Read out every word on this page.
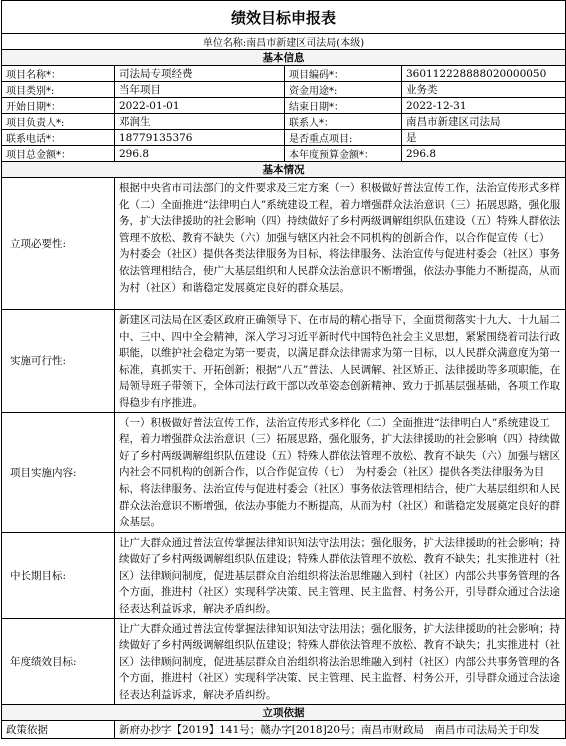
绩效目标申报表			
单位名称:南昌市新建区司法局(本级)			
基本信息			
项目名称*：	司法局专项经费	项目编码*：	360112228888020000050
项目类别*:	当年项目	资金用途*:	业务类
开始日期*：	2022-01-01	结束日期*：	2022-12-31
项目负责人*:	邓润生	联系人*：	南昌市新建区司法局
联系电话*：	18779135376	是否重点项目:	是
项目总金额*：	296.8	本年度预算金额*：	296.8
基本情况			
立项必要性:	根据中央省市司法部门的文件要求及三定方案（一）积极做好普法宣传工作，法治宣传形式多样化（二）全面推进“法律明白人”系统建设工程，着力增强群众法治意识（三）拓展思路，强化服务，扩大法律援助的社会影响（四）持续做好了乡村两级调解组织队伍建设（五）特殊人群依法管理不放松、教育不缺失（六）加强与辖区内社会不同机构的创新合作，以合作促宣传（七）　为村委会（社区）提供各类法律服务为目标，将法律服务、法治宣传与促进村委会（社区）事务依法管理相结合，使广大基层组织和人民群众法治意识不断增强，依法办事能力不断提高，从而为村（社区）和谐稳定发展奠定良好的群众基层。		
实施可行性:	新建区司法局在区委区政府正确领导下、在市局的精心指导下，全面贯彻落实十九大、十九届二中、三中、四中全会精神，深入学习习近平新时代中国特色社会主义思想，紧紧围绕着司法行政职能，以维护社会稳定为第一要责，以满足群众法律需求为第一目标，以人民群众满意度为第一标准，真抓实干、开拓创新；根据“八五”普法、人民调解、社区矫正、法律援助等多项职能，在局领导班子带领下，全体司法行政干部以改革姿态创新精神、致力于抓基层强基础，各项工作取得稳步有序推进。		
项目实施内容:	（一）积极做好普法宣传工作，法治宣传形式多样化（二）全面推进“法律明白人”系统建设工程，着力增强群众法治意识（三）拓展思路，强化服务，扩大法律援助的社会影响（四）持续做好了乡村两级调解组织队伍建设（五）特殊人群依法管理不放松、教育不缺失（六）加强与辖区内社会不同机构的创新合作，以合作促宣传（七）　为村委会（社区）提供各类法律服务为目标，将法律服务、法治宣传与促进村委会（社区）事务依法管理相结合，使广大基层组织和人民群众法治意识不断增强，依法办事能力不断提高，从而为村（社区）和谐稳定发展奠定良好的群众基层。		
中长期目标:	让广大群众通过普法宣传掌握法律知识知法守法用法；强化服务，扩大法律援助的社会影响；持续做好了乡村两级调解组织队伍建设；特殊人群依法管理不放松、教育不缺失；扎实推进村（社区）法律顾问制度，促进基层群众自治组织将法治思维融入到村（社区）内部公共事务管理的各个方面，推进村（社区）实现科学决策、民主管理、民主监督、村务公开，引导群众通过合法途径表达利益诉求，解决矛盾纠纷。		
年度绩效目标:	让广大群众通过普法宣传掌握法律知识知法守法用法；强化服务，扩大法律援助的社会影响；持续做好了乡村两级调解组织队伍建设；特殊人群依法管理不放松、教育不缺失；扎实推进村（社区）法律顾问制度，促进基层群众自治组织将法治思维融入到村（社区）内部公共事务管理的各个方面，推进村（社区）实现科学决策、民主管理、民主监督、村务公开，引导群众通过合法途径表达利益诉求，解决矛盾纠纷。		
立项依据			
政策依据	新府办抄字【2019】141号；赣办字[2018]20号；南昌市财政局　南昌市司法局关于印发		
